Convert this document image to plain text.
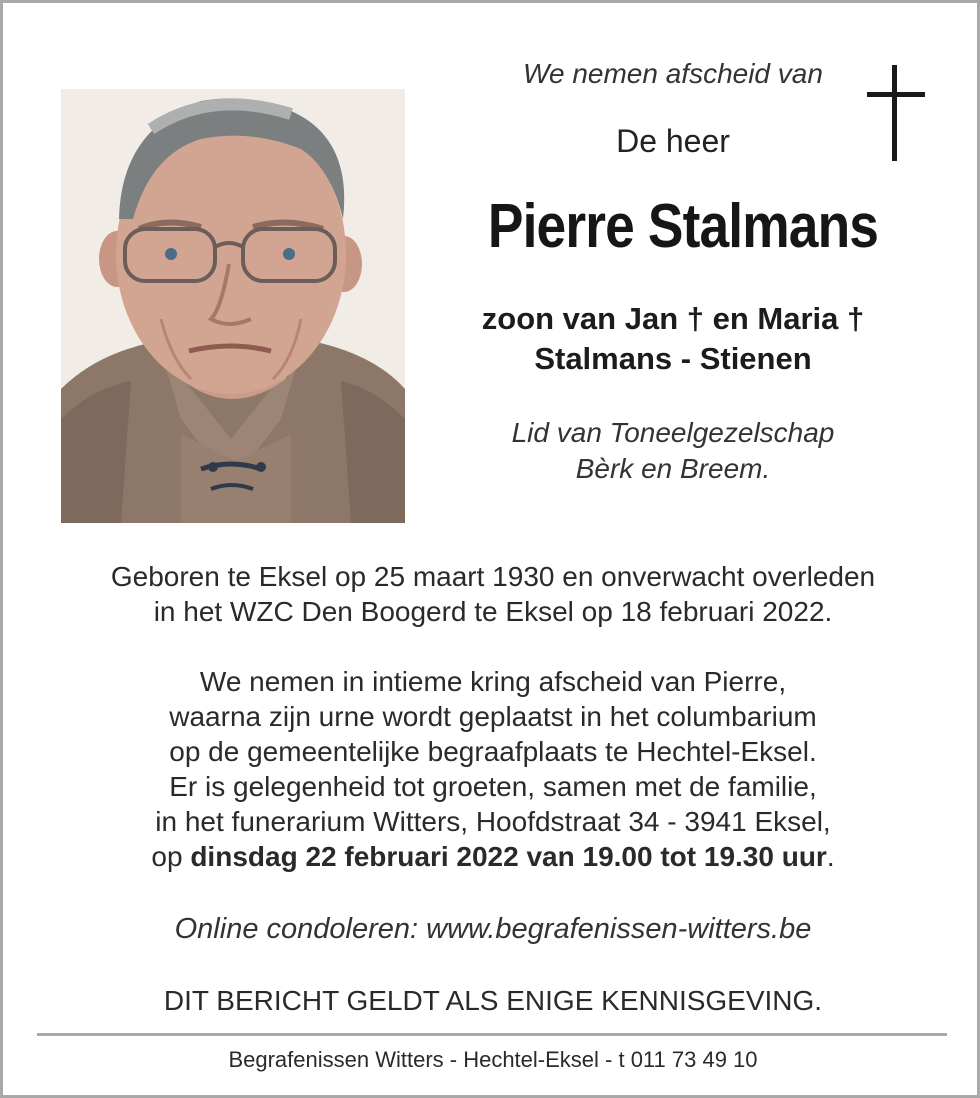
We nemen afscheid van
De heer
Pierre Stalmans
zoon van Jan † en Maria †
Stalmans - Stienen
Lid van Toneelgezelschap
Bèrk en Breem.
Geboren te Eksel op 25 maart 1930 en onverwacht overleden
in het WZC Den Boogerd te Eksel op 18 februari 2022.
We nemen in intieme kring afscheid van Pierre,
waarna zijn urne wordt geplaatst in het columbarium
op de gemeentelijke begraafplaats te Hechtel-Eksel.
Er is gelegenheid tot groeten, samen met de familie,
in het funerarium Witters, Hoofdstraat 34 - 3941 Eksel,
op dinsdag 22 februari 2022 van 19.00 tot 19.30 uur.
Online condoleren: www.begrafenissen-witters.be
DIT BERICHT GELDT ALS ENIGE KENNISGEVING.
Begrafenissen Witters - Hechtel-Eksel - t 011 73 49 10
